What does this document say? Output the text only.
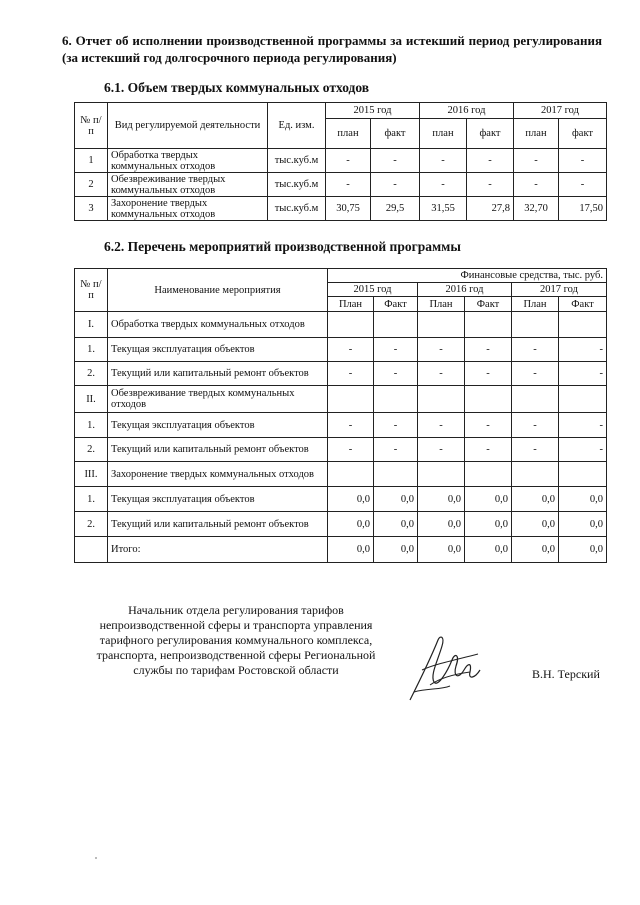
6. Отчет об исполнении производственной программы за истекший период регулирования (за истекший год долгосрочного периода регулирования)
6.1. Объем твердых коммунальных отходов
№ п/п	Вид регулируемой деятельности	Ед. изм.	2015 год		2016 год		2017 год	
			план	факт	план	факт	план	факт
1	Обработка твердых коммунальных отходов	тыс.куб.м	-	-	-	-	-	-
2	Обезвреживание твердых коммунальных отходов	тыс.куб.м	-	-	-	-	-	-
3	Захоронение твердых коммунальных отходов	тыс.куб.м	30,75	29,5	31,55	27,8	32,70	17,50
6.2. Перечень мероприятий производственной программы
№ п/п	Наименование мероприятия	Финансовые средства, тыс. руб.					
		2015 год		2016 год		2017 год	
		План	Факт	План	Факт	План	Факт
I.	Обработка твердых коммунальных отходов						
1.	Текущая эксплуатация объектов	-	-	-	-	-	-
2.	Текущий или капитальный ремонт объектов	-	-	-	-	-	-
II.	Обезвреживание твердых коммунальных отходов						
1.	Текущая эксплуатация объектов	-	-	-	-	-	-
2.	Текущий или капитальный ремонт объектов	-	-	-	-	-	-
III.	Захоронение твердых коммунальных отходов						
1.	Текущая эксплуатация объектов	0,0	0,0	0,0	0,0	0,0	0,0
2.	Текущий или капитальный ремонт объектов	0,0	0,0	0,0	0,0	0,0	0,0
	Итого:	0,0	0,0	0,0	0,0	0,0	0,0
Начальник отдела регулирования тарифов
непроизводственной сферы и транспорта управления
тарифного регулирования коммунального комплекса,
транспорта, непроизводственной сферы Региональной
службы по тарифам Ростовской области	В.Н. Терский
